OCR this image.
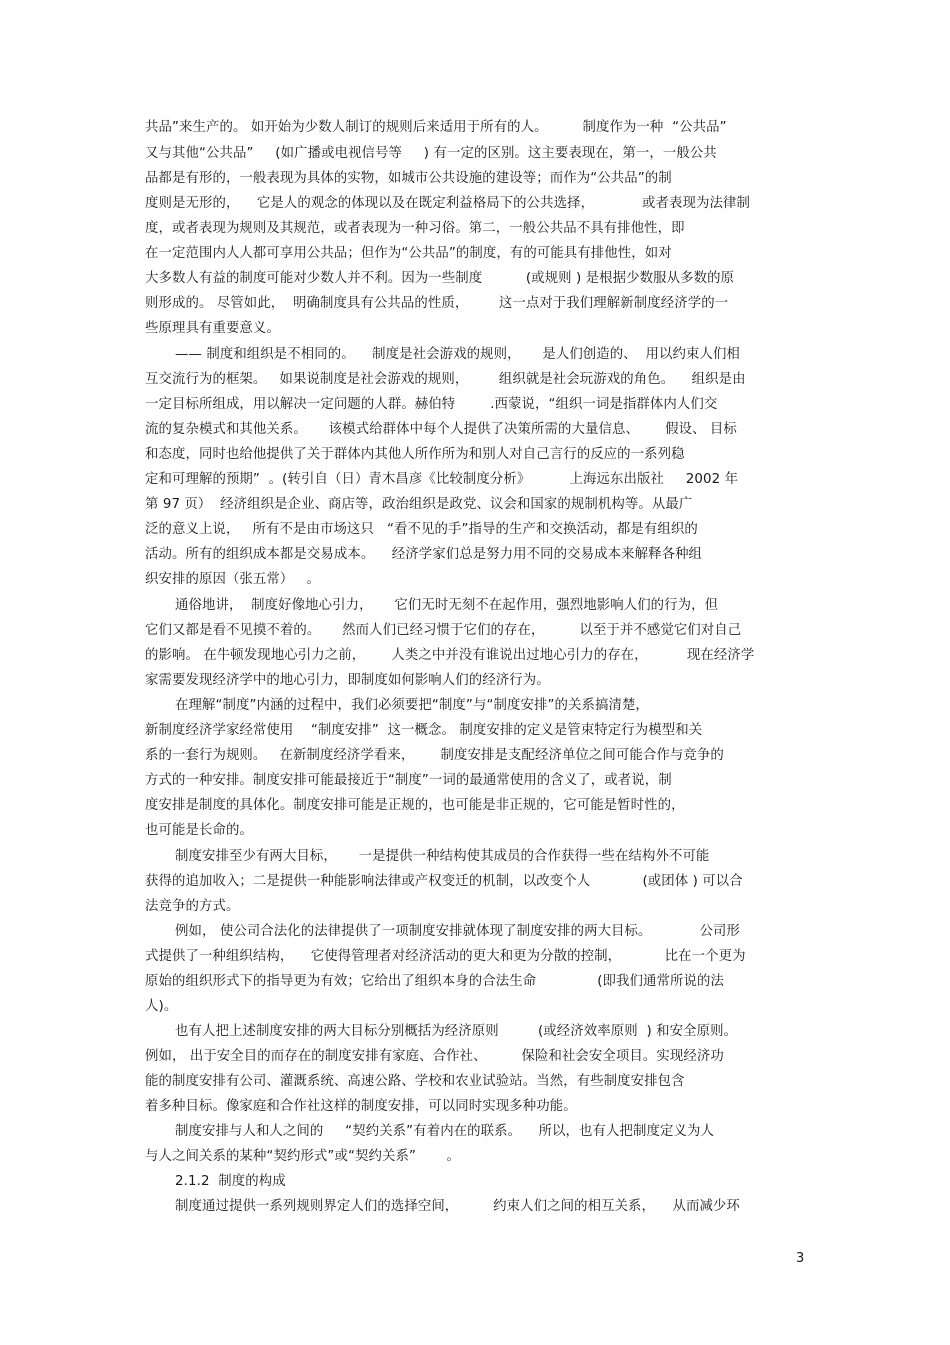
共品”来生产的。 如开始为少数人制订的规则后来适用于所有的人。        制度作为一种  “公共品”
又与其他“公共品”     (如广播或电视信号等     ) 有一定的区别。这主要表现在，第一，一般公共
品都是有形的，一般表现为具体的实物，如城市公共设施的建设等；而作为“公共品”的制
度则是无形的，    它是人的观念的体现以及在既定利益格局下的公共选择，           或者表现为法律制
度，或者表现为规则及其规范，或者表现为一种习俗。第二，一般公共品不具有排他性，即
在一定范围内人人都可享用公共品；但作为“公共品”的制度，有的可能具有排他性，如对
大多数人有益的制度可能对少数人并不利。因为一些制度          (或规则 ) 是根据少数服从多数的原
则形成的。 尽管如此，  明确制度具有公共品的性质，       这一点对于我们理解新制度经济学的一
些原理具有重要意义。
—— 制度和组织是不相同的。    制度是社会游戏的规则，     是人们创造的、  用以约束人们相
互交流行为的框架。   如果说制度是社会游戏的规则，       组织就是社会玩游戏的角色。    组织是由
一定目标所组成，用以解决一定问题的人群。赫伯特        .西蒙说，“组织一词是指群体内人们交
流的复杂模式和其他关系。     该模式给群体中每个人提供了决策所需的大量信息、      假设、 目标
和态度，同时也给他提供了关于群体内其他人所作所为和别人对自己言行的反应的一系列稳
定和可理解的预期”  。(转引自（日）青木昌彦《比较制度分析》         上海远东出版社     2002 年
第 97 页）  经济组织是企业、商店等，政治组织是政党、议会和国家的规制机构等。从最广
泛的意义上说，   所有不是由市场这只   “看不见的手”指导的生产和交换活动，都是有组织的
活动。所有的组织成本都是交易成本。    经济学家们总是努力用不同的交易成本来解释各种组
织安排的原因（张五常）   。
通俗地讲，  制度好像地心引力，     它们无时无刻不在起作用，强烈地影响人们的行为，但
它们又都是看不见摸不着的。     然而人们已经习惯于它们的存在，        以至于并不感觉它们对自己
的影响。 在牛顿发现地心引力之前，      人类之中并没有谁说出过地心引力的存在，         现在经济学
家需要发现经济学中的地心引力，即制度如何影响人们的经济行为。
在理解“制度”内涵的过程中，我们必须要把“制度”与“制度安排”的关系搞清楚，
新制度经济学家经常使用    “制度安排”  这一概念。 制度安排的定义是管束特定行为模型和关
系的一套行为规则。   在新制度经济学看来，      制度安排是支配经济单位之间可能合作与竞争的
方式的一种安排。制度安排可能最接近于“制度”一词的最通常使用的含义了，或者说，制
度安排是制度的具体化。制度安排可能是正规的，也可能是非正规的，它可能是暂时性的，
也可能是长命的。
制度安排至少有两大目标，     一是提供一种结构使其成员的合作获得一些在结构外不可能
获得的追加收入；二是提供一种能影响法律或产权变迁的机制，以改变个人            (或团体 ) 可以合
法竞争的方式。
例如， 使公司合法化的法律提供了一项制度安排就体现了制度安排的两大目标。           公司形
式提供了一种组织结构，    它使得管理者对经济活动的更大和更为分散的控制，          比在一个更为
原始的组织形式下的指导更为有效；它给出了组织本身的合法生命              (即我们通常所说的法
人)。
也有人把上述制度安排的两大目标分别概括为经济原则         (或经济效率原则  ) 和安全原则。
例如， 出于安全目的而存在的制度安排有家庭、合作社、        保险和社会安全项目。实现经济功
能的制度安排有公司、灌溉系统、高速公路、学校和农业试验站。当然，有些制度安排包含
着多种目标。像家庭和合作社这样的制度安排，可以同时实现多种功能。
制度安排与人和人之间的     “契约关系”有着内在的联系。    所以，也有人把制度定义为人
与人之间关系的某种“契约形式”或“契约关系”       。
2.1.2  制度的构成
制度通过提供一系列规则界定人们的选择空间，        约束人们之间的相互关系，    从而减少环
3
